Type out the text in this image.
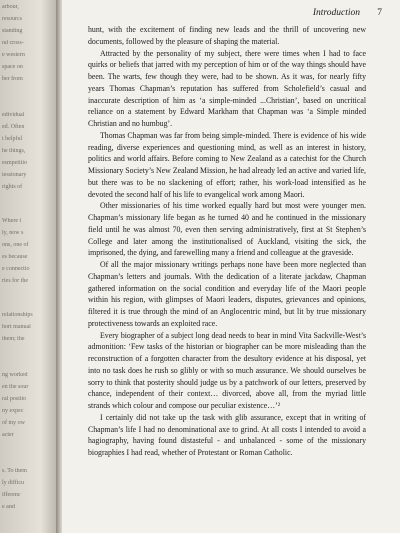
arbour,
resourcs
standing
nd cross-
e western
space on
ber from
edividual
ed. Often
t helpful
he things,
esmpetitio
iessionary
rights of
Where t
ly, now s
ons, one of
es because
e connectio
ries for the
relationships
hort manual
them; the
ng worked
en the sour
ral positio
ny expec
of my ow
acter
s. To them
ly difficu
ifferenc
e and
Introduction 7

hunt, with the excitement of finding new leads and the thrill of uncovering new documents, followed by the pleasure of shaping the material.

Attracted by the personality of my subject, there were times when I had to face quirks or beliefs that jarred with my perception of him or of the way things should have been. The warts, few though they were, had to be shown. As it was, for nearly fifty years Thomas Chapman’s reputation has suffered from Scholefield’s casual and inaccurate description of him as ‘a simple-minded ...Christian’, based on uncritical reliance on a statement by Edward Markham that Chapman was ‘a Simple minded Christian and no humbug’.

Thomas Chapman was far from being simple-minded. There is evidence of his wide reading, diverse experiences and questioning mind, as well as an interest in history, politics and world affairs. Before coming to New Zealand as a catechist for the Church Missionary Society’s New Zealand Mission, he had already led an active and varied life, but there was to be no slackening of effort; rather, his work-load intensified as he devoted the second half of his life to evangelical work among Maori.

Other missionaries of his time worked equally hard but most were younger men. Chapman’s missionary life began as he turned 40 and he continued in the missionary field until he was almost 70, even then serving administratively, first at St Stephen’s College and later among the institutionalised of Auckland, visiting the sick, the imprisoned, the dying, and farewelling many a friend and colleague at the graveside.

Of all the major missionary writings perhaps none have been more neglected than Chapman’s letters and journals. With the dedication of a literate jackdaw, Chapman gathered information on the social condition and everyday life of the Maori people within his region, with glimpses of Maori leaders, disputes, grievances and opinions, filtered it is true through the mind of an Anglocentric mind, but lit by true missionary protectiveness towards an exploited race.

Every biographer of a subject long dead needs to bear in mind Vita Sackville-West’s admonition: ‘Few tasks of the historian or biographer can be more misleading than the reconstruction of a forgotten character from the desultory evidence at his disposal, yet into no task does he rush so glibly or with so much assurance. We should ourselves be sorry to think that posterity should judge us by a patchwork of our letters, preserved by chance, independent of their context… divorced, above all, from the myriad little strands which colour and compose our peculiar existence…’²

I certainly did not take up the task with glib assurance, except that in writing of Chapman’s life I had no denominational axe to grind. At all costs I intended to avoid a hagiography, having found distasteful - and unbalanced - some of the missionary biographies I had read, whether of Protestant or Roman Catholic.
